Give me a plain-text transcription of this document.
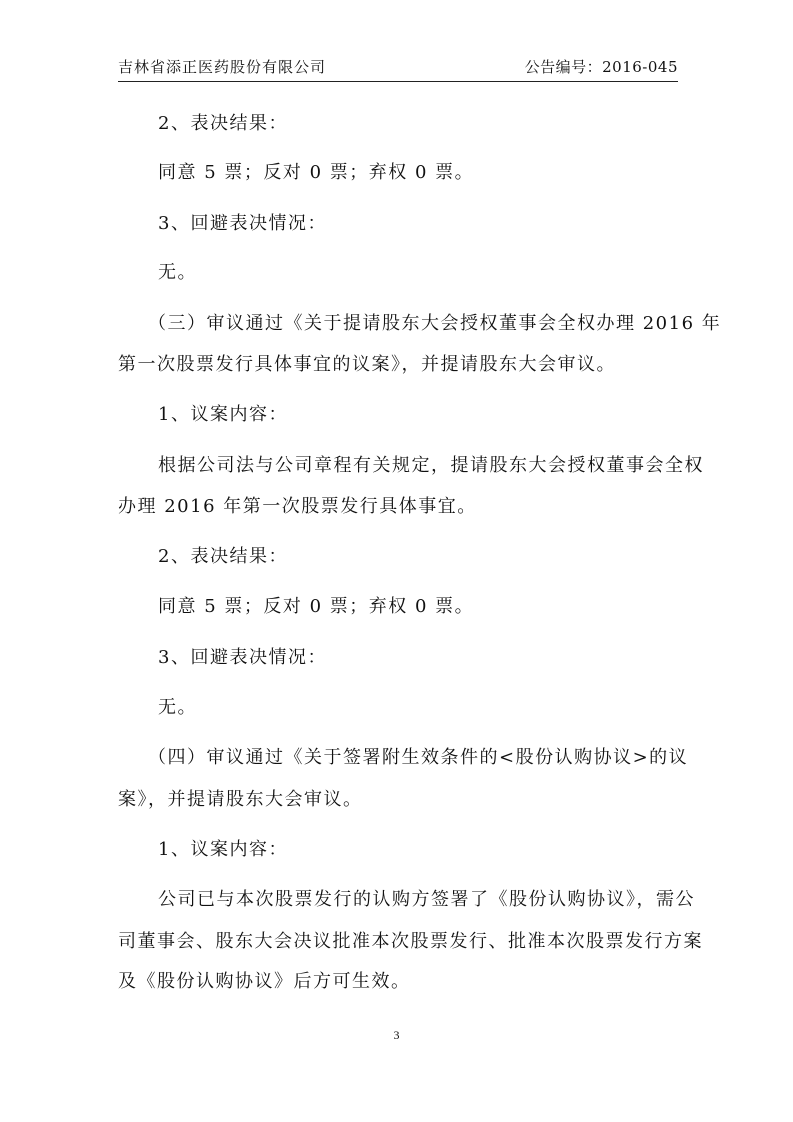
吉林省添正医药股份有限公司	公告编号：2016-045
2、表决结果：
同意 5 票；反对 0 票；弃权 0 票。
3、回避表决情况：
无。
（三）审议通过《关于提请股东大会授权董事会全权办理 2016 年
第一次股票发行具体事宜的议案》，并提请股东大会审议。
1、议案内容：
根据公司法与公司章程有关规定，提请股东大会授权董事会全权
办理 2016 年第一次股票发行具体事宜。
2、表决结果：
同意 5 票；反对 0 票；弃权 0 票。
3、回避表决情况：
无。
（四）审议通过《关于签署附生效条件的<股份认购协议>的议
案》，并提请股东大会审议。
1、议案内容：
公司已与本次股票发行的认购方签署了《股份认购协议》，需公
司董事会、股东大会决议批准本次股票发行、批准本次股票发行方案
及《股份认购协议》后方可生效。
3
